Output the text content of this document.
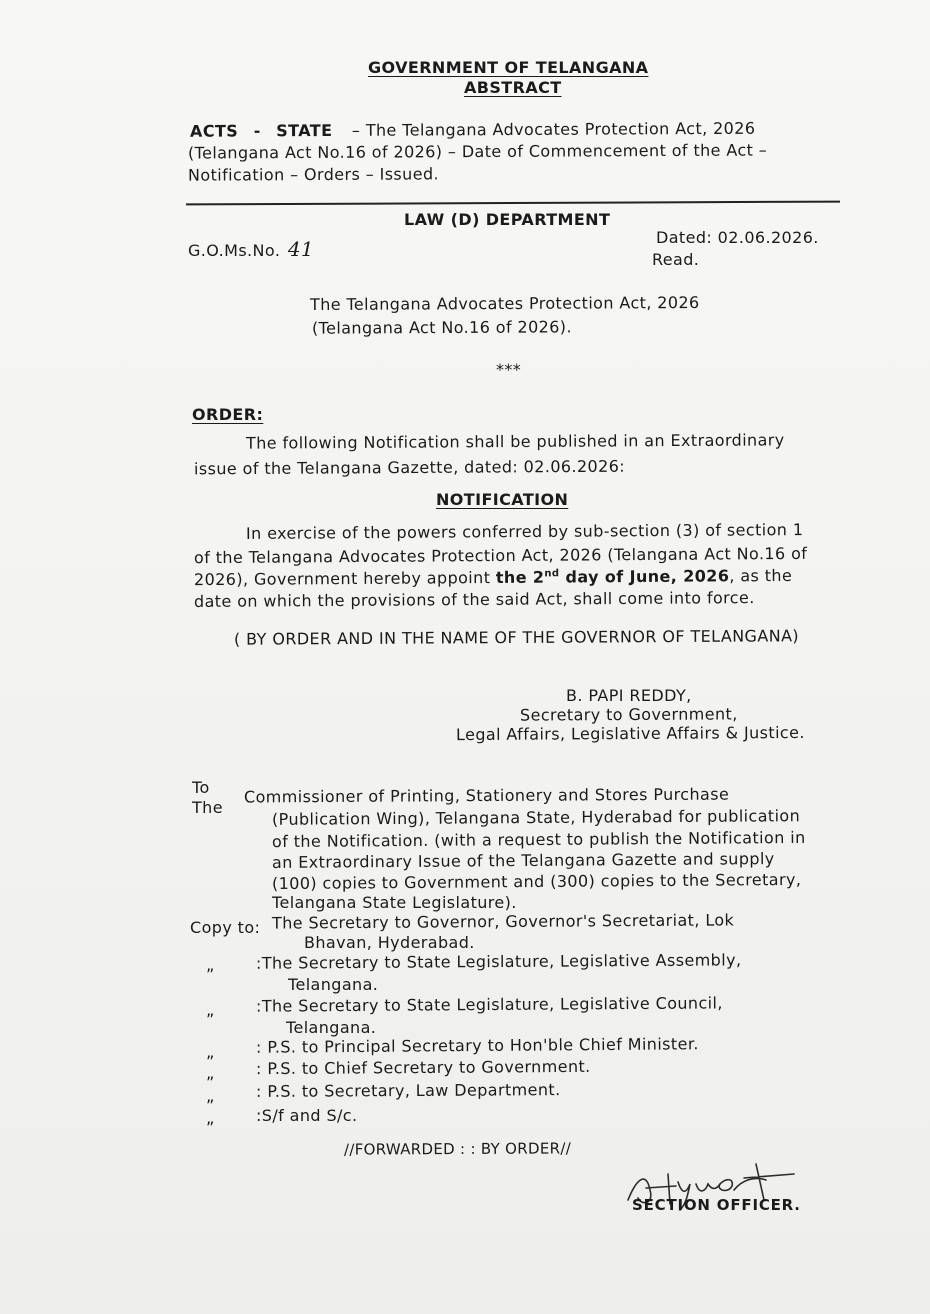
GOVERNMENT OF TELANGANA
ABSTRACT
ACTS - STATE – The Telangana Advocates Protection Act, 2026
(Telangana Act No.16 of 2026) – Date of Commencement of the Act –
Notification – Orders – Issued.
LAW (D) DEPARTMENT
G.O.Ms.No. 41	Dated: 02.06.2026.
Read.
The Telangana Advocates Protection Act, 2026
(Telangana Act No.16 of 2026).
***
ORDER:
The following Notification shall be published in an Extraordinary
issue of the Telangana Gazette, dated: 02.06.2026:
NOTIFICATION
In exercise of the powers conferred by sub-section (3) of section 1
of the Telangana Advocates Protection Act, 2026 (Telangana Act No.16 of
2026), Government hereby appoint the 2nd day of June, 2026, as the
date on which the provisions of the said Act, shall come into force.
( BY ORDER AND IN THE NAME OF THE GOVERNOR OF TELANGANA)
B. PAPI REDDY,
Secretary to Government,
Legal Affairs, Legislative Affairs & Justice.
To
The
Commissioner of Printing, Stationery and Stores Purchase
(Publication Wing), Telangana State, Hyderabad for publication
of the Notification. (with a request to publish the Notification in
an Extraordinary Issue of the Telangana Gazette and supply
(100) copies to Government and (300) copies to the Secretary,
Telangana State Legislature).
Copy to: The Secretary to Governor, Governor's Secretariat, Lok
Bhavan, Hyderabad.
”
:The Secretary to State Legislature, Legislative Assembly,
Telangana.
”
:The Secretary to State Legislature, Legislative Council,
Telangana.
”
: P.S. to Principal Secretary to Hon'ble Chief Minister.
”
: P.S. to Chief Secretary to Government.
”
: P.S. to Secretary, Law Department.
”
:S/f and S/c.
//FORWARDED : : BY ORDER//
SECTION OFFICER.
